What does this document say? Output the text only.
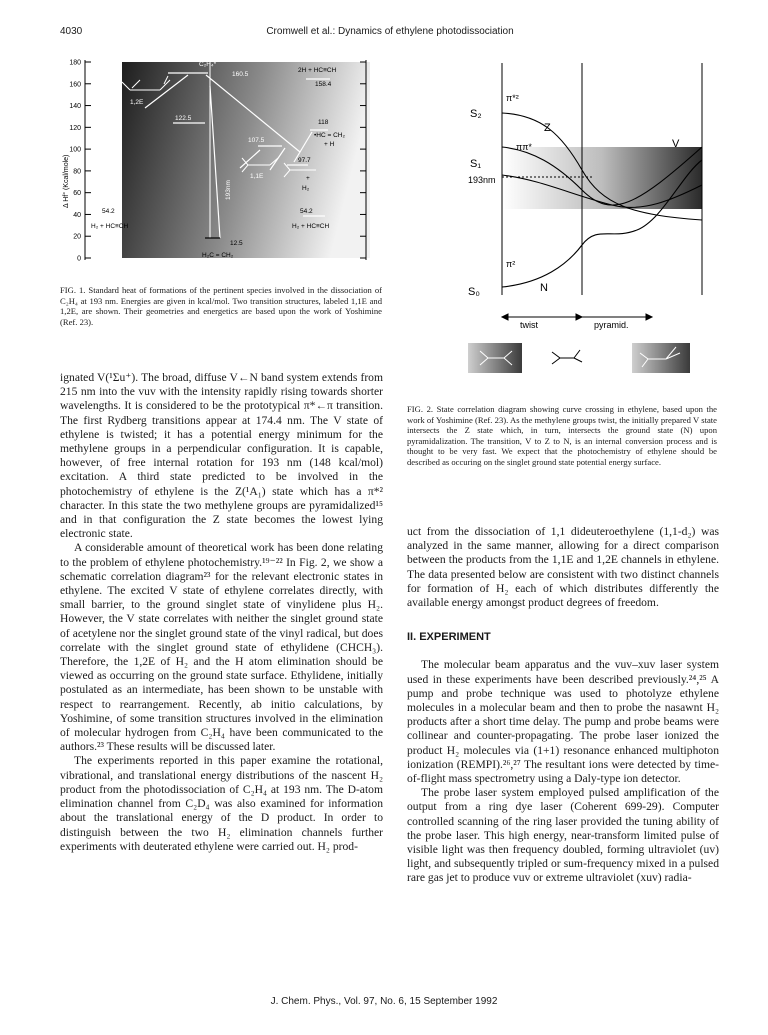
4030	Cromwell et al.: Dynamics of ethylene photodissociation
180
160
140
120
100
80
60
40
20
0
Δ Hf° (Kcal/mole)
C₂H₄*
160.5
2H + HC≡CH
158.4
1,2E
122.5
118
•HC = CH₂
+ H
107.5
97.7
1,1E
193nm
+
H₂
54.2
H₂ + HC≡CH
54.2
H₂ + HC≡CH
12.5
H₂C = CH₂

FIG. 1. Standard heat of formations of the pertinent species involved in the dissociation of C₂H₄ at 193 nm. Energies are given in kcal/mol. Two transition structures, labeled 1,1E and 1,2E, are shown. Their geometries and energetics are based upon the work of Yoshimine (Ref. 23).

S₂
S₁
S₀
193nm
π*²
ππ*
Z
V
π²
N
twist	pyramid.

FIG. 2. State correlation diagram showing curve crossing in ethylene, based upon the work of Yoshimine (Ref. 23). As the methylene groups twist, the initially prepared V state intersects the Z state which, in turn, intersects the ground state (N) upon pyramidalization. The transition, V to Z to N, is an internal conversion process and is thought to be very fast. We expect that the photochemistry of ethylene should be described as occuring on the singlet ground state potential energy surface.

ignated V(¹Σu⁺). The broad, diffuse V←N band system extends from 215 nm into the vuv with the intensity rapidly rising towards shorter wavelengths. It is considered to be the prototypical π*←π transition. The first Rydberg transitions appear at 174.4 nm. The V state of ethylene is twisted; it has a potential energy minimum for the methylene groups in a perpendicular configuration. It is capable, however, of free internal rotation for 193 nm (148 kcal/mol) excitation. A third state predicted to be involved in the photochemistry of ethylene is the Z(¹A₁) state which has a π*² character. In this state the two methylene groups are pyramidalized¹⁵ and in that configuration the Z state becomes the lowest lying electronic state.

A considerable amount of theoretical work has been done relating to the problem of ethylene photochemistry.¹⁹⁻²² In Fig. 2, we show a schematic correlation diagram²³ for the relevant electronic states in ethylene. The excited V state of ethylene correlates directly, with small barrier, to the ground singlet state of vinylidene plus H₂. However, the V state correlates with neither the singlet ground state of acetylene nor the singlet ground state of the vinyl radical, but does correlate with the singlet ground state of ethylidene (CHCH₃). Therefore, the 1,2E of H₂ and the H atom elimination should be viewed as occurring on the ground state surface. Ethylidene, initially postulated as an intermediate, has been shown to be unstable with respect to rearrangement. Recently, ab initio calculations, by Yoshimine, of some transition structures involved in the elimination of molecular hydrogen from C₂H₄ have been communicated to the authors.²³ These results will be discussed later.

The experiments reported in this paper examine the rotational, vibrational, and translational energy distributions of the nascent H₂ product from the photodissociation of C₂H₄ at 193 nm. The D-atom elimination channel from C₂D₄ was also examined for information about the translational energy of the D product. In order to distinguish between the two H₂ elimination channels further experiments with deuterated ethylene were carried out. H₂ prod-

uct from the dissociation of 1,1 dideuteroethylene (1,1-d₂) was analyzed in the same manner, allowing for a direct comparison between the products from the 1,1E and 1,2E channels in ethylene. The data presented below are consistent with two distinct channels for formation of H₂ each of which distributes differently the available energy amongst product degrees of freedom.

II. EXPERIMENT

The molecular beam apparatus and the vuv–xuv laser system used in these experiments have been described previously.²⁴,²⁵ A pump and probe technique was used to photolyze ethylene molecules in a molecular beam and then to probe the nasawnt H₂ products after a short time delay. The pump and probe beams were collinear and counter-propagating. The probe laser ionized the product H₂ molecules via (1+1) resonance enhanced multiphoton ionization (REMPI).²⁶,²⁷ The resultant ions were detected by time-of-flight mass spectrometry using a Daly-type ion detector.

The probe laser system employed pulsed amplification of the output from a ring dye laser (Coherent 699-29). Computer controlled scanning of the ring laser provided the tuning ability of the probe laser. This high energy, near-transform limited pulse of visible light was then frequency doubled, forming ultraviolet (uv) light, and subsequently tripled or sum-frequency mixed in a pulsed rare gas jet to produce vuv or extreme ultraviolet (xuv) radia-

J. Chem. Phys., Vol. 97, No. 6, 15 September 1992
